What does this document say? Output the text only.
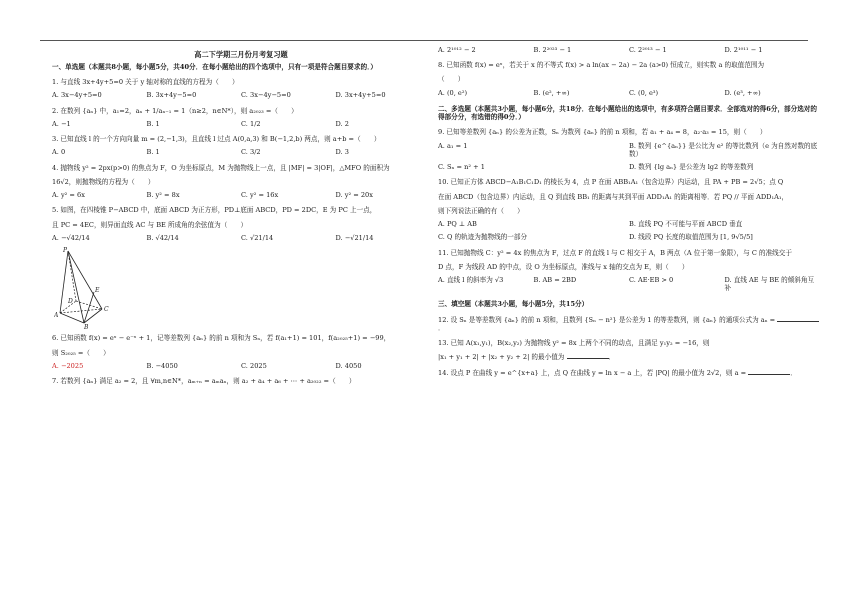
高二下学期三月份月考复习题
一、单选题（本题共8小题，每小题5分，共40分．在每小题给出的四个选项中，只有一项是符合题目要求的．）
1. 与直线 3x+4y+5=0 关于 y 轴对称的直线的方程为（　　）
A. 3x−4y+5=0	B. 3x+4y−5=0	C. 3x−4y−5=0	D. 3x+4y+5=0
2. 在数列 {aₙ} 中，a₁=2，aₙ + 1/aₙ₋₁ = 1（n≥2，n∈N*），则 a₂₀₂₃ =（　　）
A. −1	B. 1	C. 1/2	D. 2
3. 已知直线 l 的一个方向向量 m = (2,−1,3)，且直线 l 过点 A(0,a,3) 和 B(−1,2,b) 两点，则 a+b =（　　）
A. 0	B. 1	C. 3/2	D. 3
4. 抛物线 y² = 2px(p>0) 的焦点为 F，O 为坐标原点，M 为抛物线上一点，且 |MF| = 3|OF|，△MFO 的面积为
16√2，则抛物线的方程为（　　）
A. y² = 6x	B. y² = 8x	C. y² = 16x	D. y² = 20x
5. 如图，在四棱锥 P−ABCD 中，底面 ABCD 为正方形，PD⊥底面 ABCD，PD = 2DC，E 为 PC 上一点，
且 PC = 4EC，则异面直线 AC 与 BE 所成角的余弦值为（　　）
A. −√42/14	B. √42/14	C. √21/14	D. −√21/14
P
E
D
C
A
B
6. 已知函数 f(x) = eˣ − e⁻ˣ + 1，记等差数列 {aₙ} 的前 n 项和为 Sₙ，若 f(a₁+1) = 101，f(a₂₀₂₅+1) = −99，
则 S₂₀₂₅ =（　　）
A. −2025	B. −4050	C. 2025	D. 4050
7. 若数列 {aₙ} 满足 a₂ = 2，且 ∀m,n∈N*，aₘ₊ₙ = aₘaₙ，则 a₂ + a₄ + a₆ + ⋯ + a₂₀₂₂ =（　　）
A. 2¹⁰¹² − 2	B. 2²⁰²³ − 1	C. 2²⁰¹³ − 1	D. 2¹⁰¹¹ − 1
8. 已知函数 f(x) = eˣ，若关于 x 的不等式 f(x) > a ln(ax − 2a) − 2a (a>0) 恒成立，则实数 a 的取值范围为
（　　）
A. (0, e²)	B. (e², +∞)	C. (0, e³)	D. (e³, +∞)
二、多选题（本题共3小题，每小题6分，共18分．在每小题给出的选项中，有多项符合题目要求．全部选对的得6分，部分选对的得部分分，有选错的得0分．）
9. 已知等差数列 {aₙ} 的公差为正数，Sₙ 为数列 {aₙ} 的前 n 项和，若 a₁ + a₄ = 8，a₂·a₃ = 15，则（　　）
A. a₁ = 1	B. 数列 {e^{aₙ}} 是公比为 e² 的等比数列（e 为自然对数的底数）
C. Sₙ = n² + 1	D. 数列 {lg aₙ} 是公差为 lg2 的等差数列
10. 已知正方体 ABCD−A₁B₁C₁D₁ 的棱长为 4，点 P 在面 ABB₁A₁（包含边界）内运动，且 PA + PB = 2√5；点 Q
在面 ABCD（包含边界）内运动，且 Q 到直线 BB₁ 的距离与其到平面 ADD₁A₁ 的距离相等．若 PQ // 平面 ADD₁A₁，
则下列说法正确的有（　　）
A. PQ ⊥ AB	B. 直线 PQ 不可能与平面 ABCD 垂直
C. Q 的轨迹为抛物线的一部分	D. 线段 PQ 长度的取值范围为 [1, 9√5/5]
11. 已知抛物线 C：y² = 4x 的焦点为 F，过点 F 的直线 l 与 C 相交于 A，B 两点（A 位于第一象限），与 C 的准线交于
D 点，F 为线段 AD 的中点，设 O 为坐标原点，准线与 x 轴的交点为 E，则（　　）
A. 直线 l 的斜率为 √3	B. AB = 2BD	C. AE·EB > 0	D. 直线 AE 与 BE 的倾斜角互补
三、填空题（本题共3小题，每小题5分，共15分）
12. 设 Sₙ 是等差数列 {aₙ} 的前 n 项和，且数列 {Sₙ − n²} 是公差为 1 的等差数列，则 {aₙ} 的通项公式为 aₙ = ．
13. 已知 A(x₁,y₁)，B(x₂,y₂) 为抛物线 y² = 8x 上两个不同的动点，且满足 y₁y₂ = −16，则
|x₁ + y₁ + 2| + |x₂ + y₂ + 2| 的最小值为	．
14. 设点 P 在曲线 y = e^{x+a} 上，点 Q 在曲线 y = ln x − a 上，若 |PQ| 的最小值为 2√2，则 a =	．
